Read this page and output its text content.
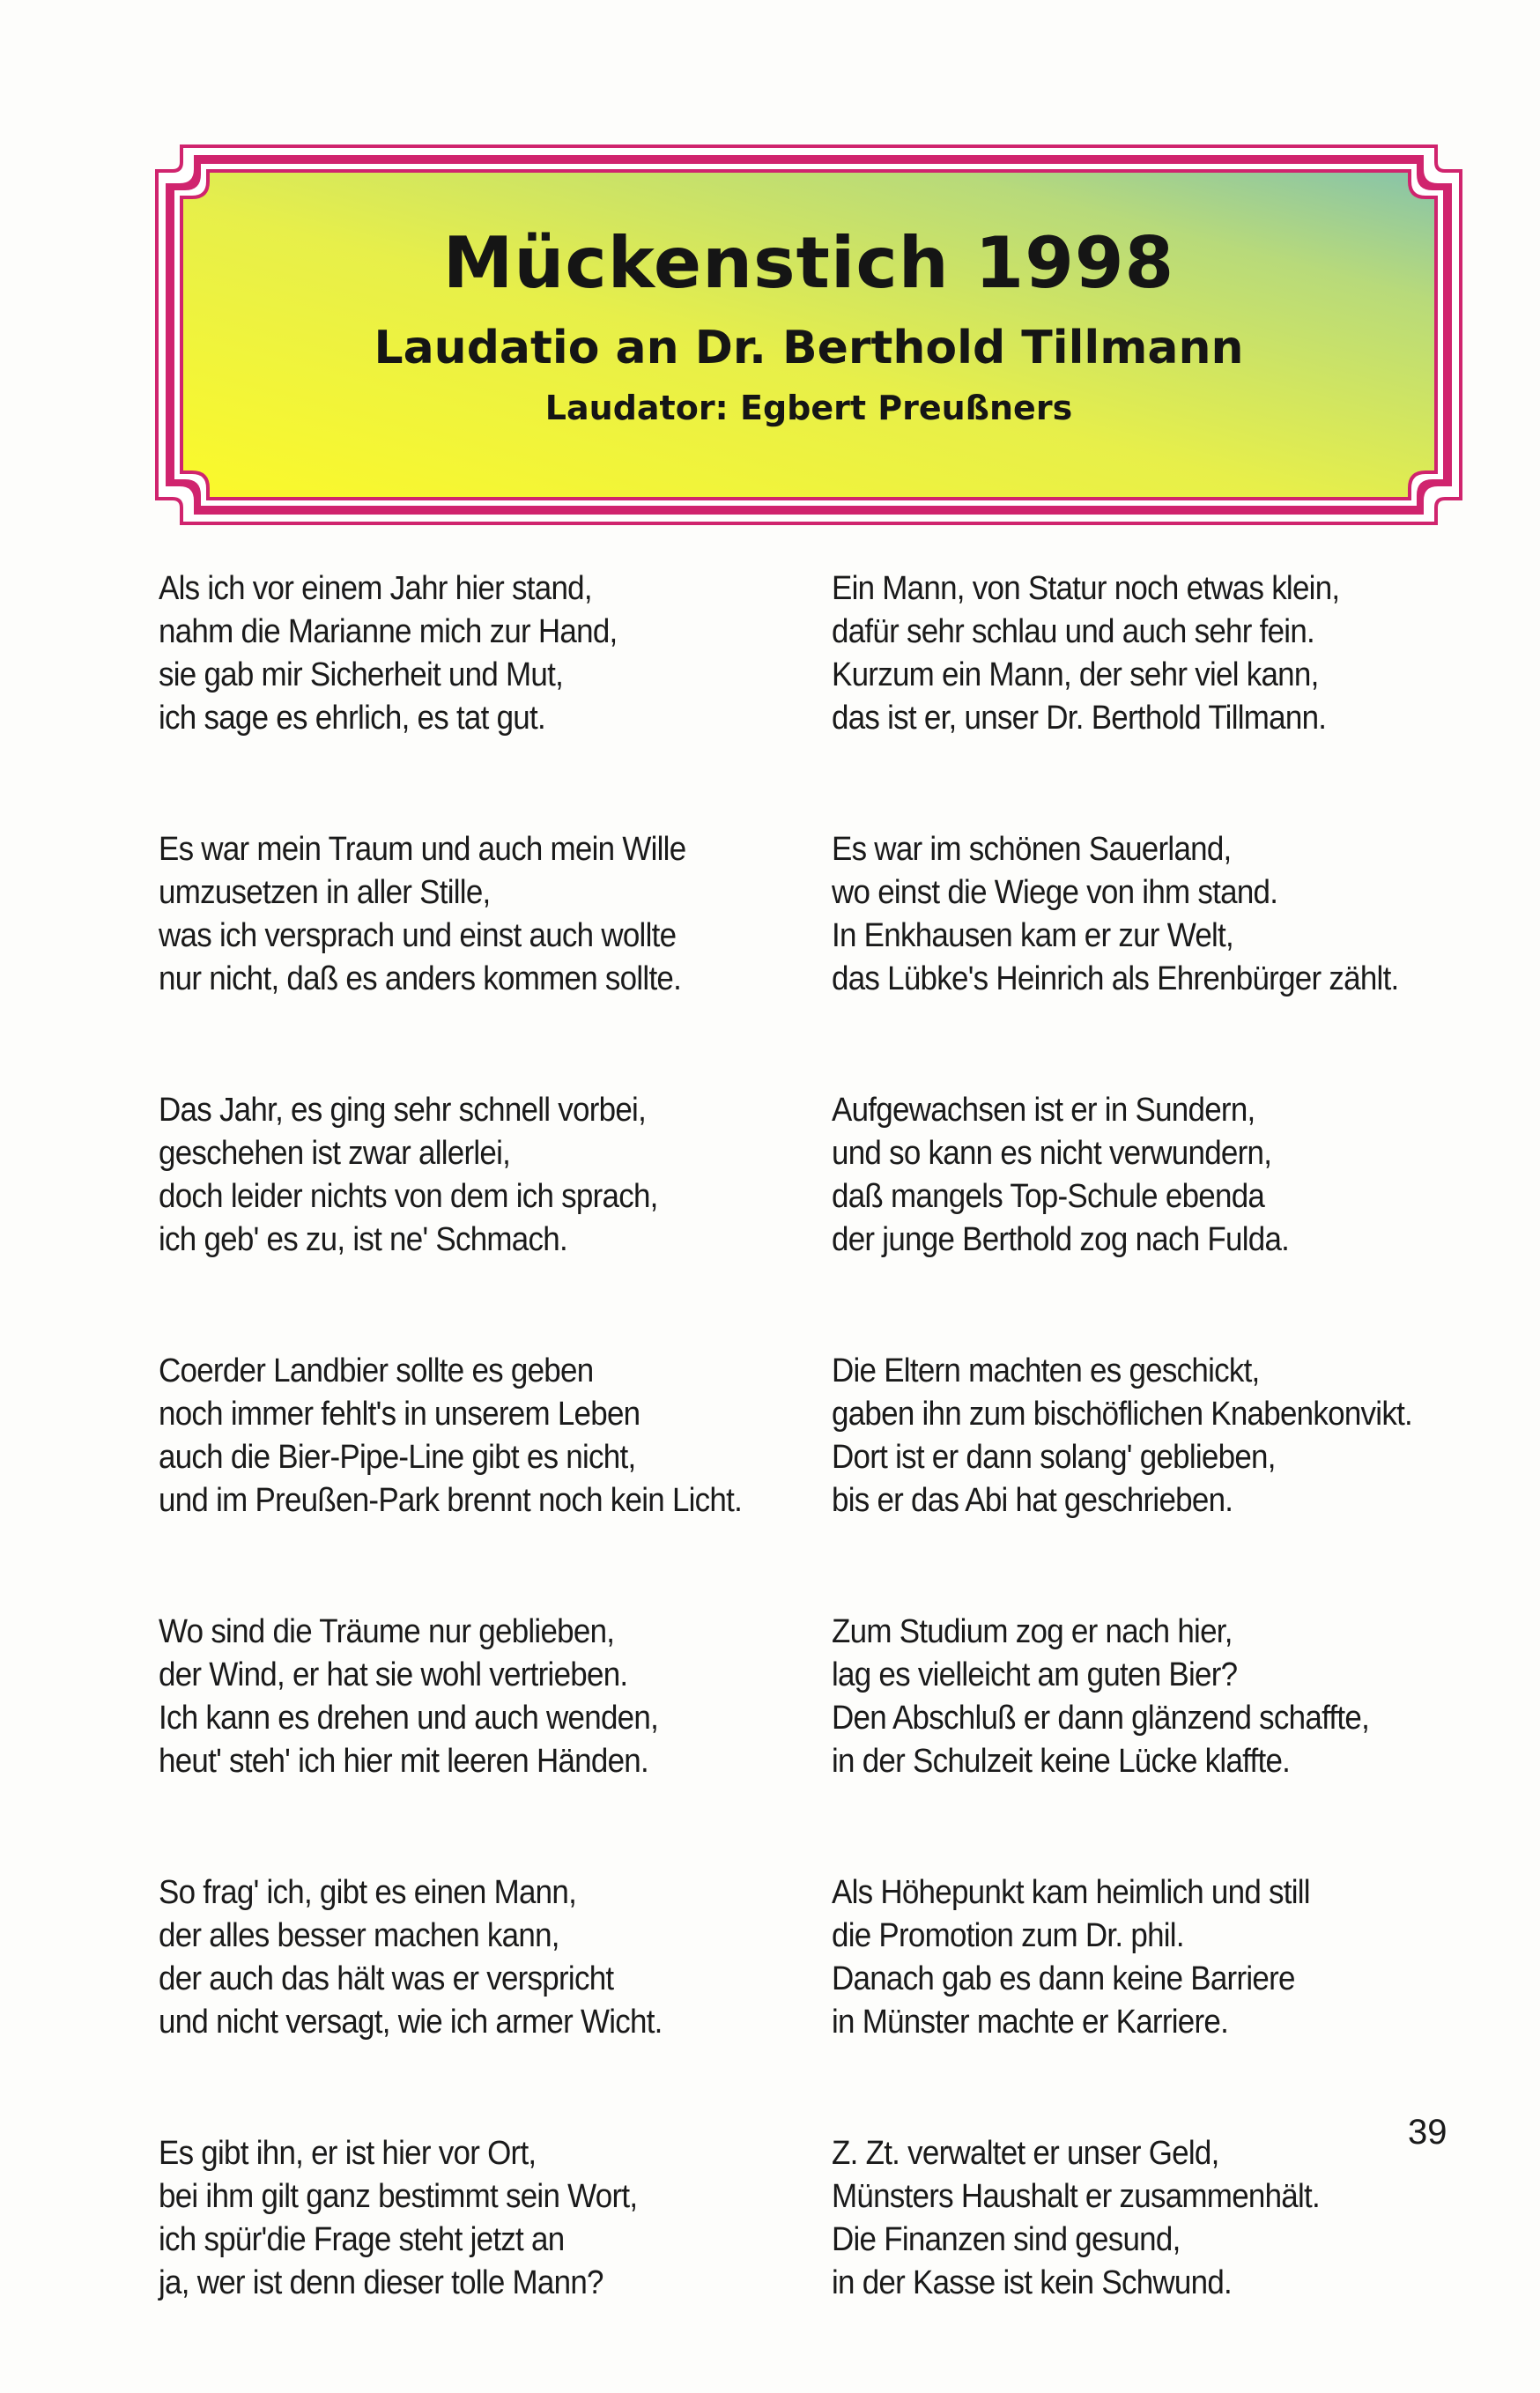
Mückenstich 1998
Laudatio an Dr. Berthold Tillmann
Laudator: Egbert Preußners
Als ich vor einem Jahr hier stand,
nahm die Marianne mich zur Hand,
sie gab mir Sicherheit und Mut,
ich sage es ehrlich, es tat gut.
Es war mein Traum und auch mein Wille
umzusetzen in aller Stille,
was ich versprach und einst auch wollte
nur nicht, daß es anders kommen sollte.
Das Jahr, es ging sehr schnell vorbei,
geschehen ist zwar allerlei,
doch leider nichts von dem ich sprach,
ich geb' es zu, ist ne' Schmach.
Coerder Landbier sollte es geben
noch immer fehlt's in unserem Leben
auch die Bier-Pipe-Line gibt es nicht,
und im Preußen-Park brennt noch kein Licht.
Wo sind die Träume nur geblieben,
der Wind, er hat sie wohl vertrieben.
Ich kann es drehen und auch wenden,
heut' steh' ich hier mit leeren Händen.
So frag' ich, gibt es einen Mann,
der alles besser machen kann,
der auch das hält was er verspricht
und nicht versagt, wie ich armer Wicht.
Es gibt ihn, er ist hier vor Ort,
bei ihm gilt ganz bestimmt sein Wort,
ich spür'die Frage steht jetzt an
ja, wer ist denn dieser tolle Mann?
Ein Mann, von Statur noch etwas klein,
dafür sehr schlau und auch sehr fein.
Kurzum ein Mann, der sehr viel kann,
das ist er, unser Dr. Berthold Tillmann.
Es war im schönen Sauerland,
wo einst die Wiege von ihm stand.
In Enkhausen kam er zur Welt,
das Lübke's Heinrich als Ehrenbürger zählt.
Aufgewachsen ist er in Sundern,
und so kann es nicht verwundern,
daß mangels Top-Schule ebenda
der junge Berthold zog nach Fulda.
Die Eltern machten es geschickt,
gaben ihn zum bischöflichen Knabenkonvikt.
Dort ist er dann solang' geblieben,
bis er das Abi hat geschrieben.
Zum Studium zog er nach hier,
lag es vielleicht am guten Bier?
Den Abschluß er dann glänzend schaffte,
in der Schulzeit keine Lücke klaffte.
Als Höhepunkt kam heimlich und still
die Promotion zum Dr. phil.
Danach gab es dann keine Barriere
in Münster machte er Karriere.
Z. Zt. verwaltet er unser Geld,
Münsters Haushalt er zusammenhält.
Die Finanzen sind gesund,
in der Kasse ist kein Schwund.
39
